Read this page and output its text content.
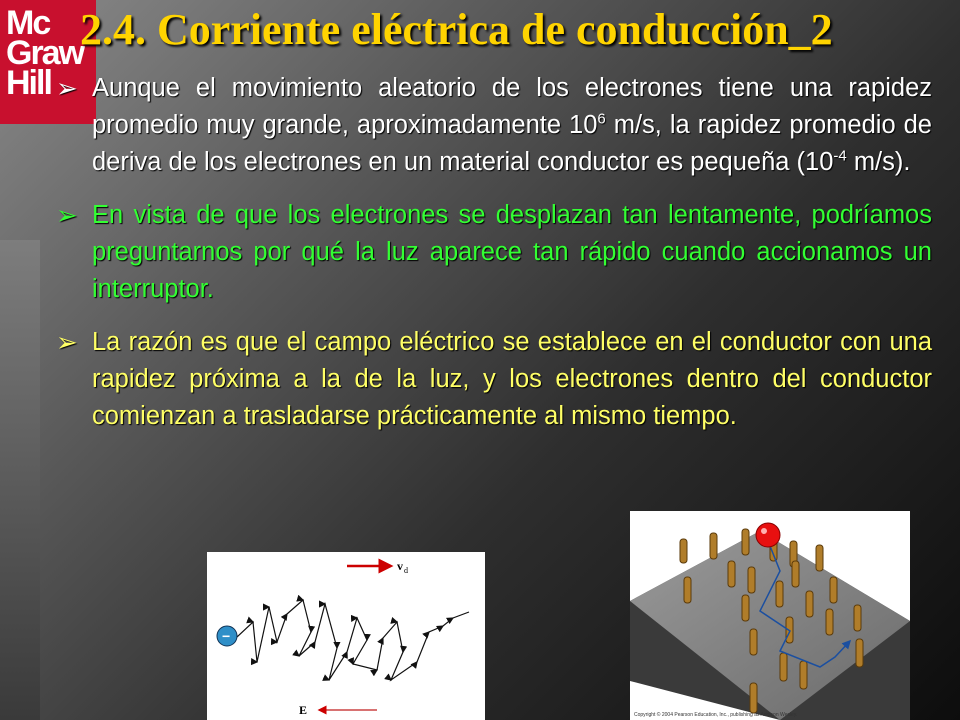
Mc
Graw
Hill
2.4. Corriente eléctrica de conducción_2
➢ Aunque el movimiento aleatorio de los electrones tiene una rapidez promedio muy grande, aproximadamente $10^6$ m/s, la rapidez promedio de deriva de los electrones en un material conductor es pequeña ($10^{-4}$ m/s).
➢ En vista de que los electrones se desplazan tan lentamente, podríamos preguntarnos por qué la luz aparece tan rápido cuando accionamos un interruptor.
➢ La razón es que el campo eléctrico se establece en el conductor con una rapidez próxima a la de la luz, y los electrones dentro del conductor comienzan a trasladarse prácticamente al mismo tiempo.
v d
−
E	Copyright © 2004 Pearson Education, Inc., publishing as Addison Wesley.
